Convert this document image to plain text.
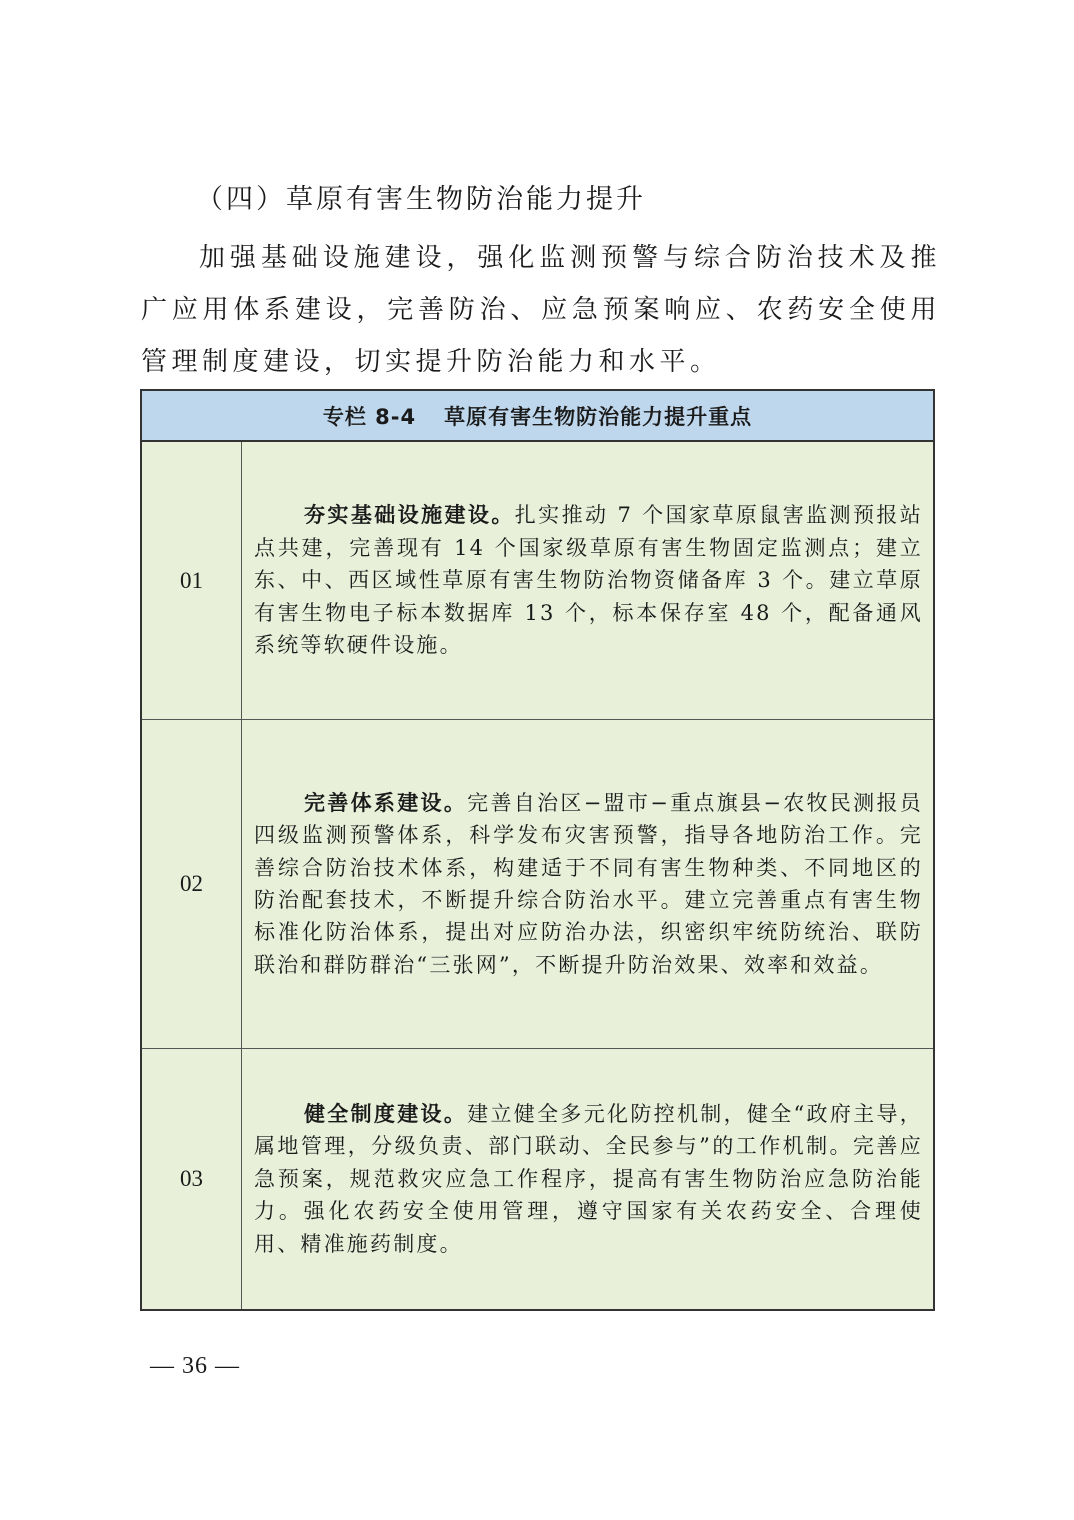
（四）草原有害生物防治能力提升

加强基础设施建设，强化监测预警与综合防治技术及推广应用体系建设，完善防治、应急预案响应、农药安全使用管理制度建设，切实提升防治能力和水平。

专栏 8-4 草原有害生物防治能力提升重点
01

夯实基础设施建设。扎实推动 7 个国家草原鼠害监测预报站点共建，完善现有 14 个国家级草原有害生物固定监测点；建立东、中、西区域性草原有害生物防治物资储备库 3 个。建立草原有害生物电子标本数据库 13 个，标本保存室 48 个，配备通风系统等软硬件设施。

02

完善体系建设。完善自治区−盟市−重点旗县−农牧民测报员四级监测预警体系，科学发布灾害预警，指导各地防治工作。完善综合防治技术体系，构建适于不同有害生物种类、不同地区的防治配套技术，不断提升综合防治水平。建立完善重点有害生物标准化防治体系，提出对应防治办法，织密织牢统防统治、联防联治和群防群治“三张网”，不断提升防治效果、效率和效益。

03

健全制度建设。建立健全多元化防控机制，健全“政府主导，属地管理，分级负责、部门联动、全民参与”的工作机制。完善应急预案，规范救灾应急工作程序，提高有害生物防治应急防治能力。强化农药安全使用管理，遵守国家有关农药安全、合理使用、精准施药制度。

— 36 —
